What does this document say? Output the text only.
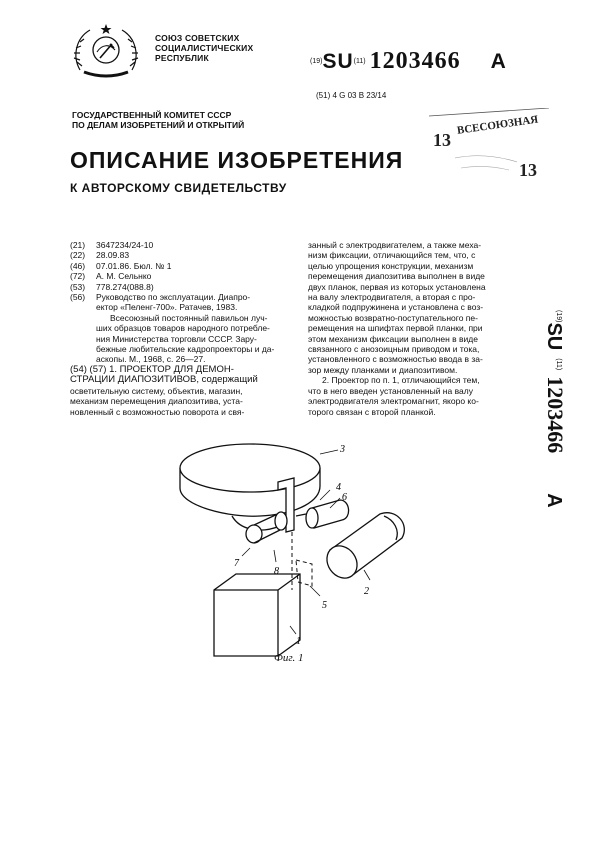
СОЮЗ СОВЕТСКИХ
СОЦИАЛИСТИЧЕСКИХ
РЕСПУБЛИК	$^{(19)}$SU$^{(11)}$ 1203466 A
(51) 4 G 03 B 23/14
ВСЕСОЮЗНАЯ
13
13
ГОСУДАРСТВЕННЫЙ КОМИТЕТ СССР
ПО ДЕЛАМ ИЗОБРЕТЕНИЙ И ОТКРЫТИЙ
ОПИСАНИЕ ИЗОБРЕТЕНИЯ
К АВТОРСКОМУ СВИДЕТЕЛЬСТВУ
(21) 3647234/24-10
(22) 28.09.83
(46) 07.01.86. Бюл. № 1
(72) А. М. Сельнко
(53) 778.274(088.8)
(56) Руководство по эксплуатации. Диапро-
ектор «Пеленг-700». Ратачев, 1983.
Всесоюзный постоянный павильон луч-
ших образцов товаров народного потребле-
ния Министерства торговли СССР. Зару-
бежные любительские кадропроекторы и да-
аскопы. М., 1968, с. 26—27.
(54) (57) 1. ПРОЕКТОР ДЛЯ ДЕМОН-
СТРАЦИИ ДИАПОЗИТИВОВ, содержащий
осветительную систему, объектив, магазин,
механизм перемещения диапозитива, уста-
новленный с возможностью поворота и свя-

занный с электродвигателем, а также меха-

низм фиксации, отличающийся тем, что, с

целью упрощения конструкции, механизм

перемещения диапозитива выполнен в виде

двух планок, первая из которых установлена

на валу электродвигателя, а вторая с про-

кладкой подпружинена и установлена с воз-

можностью возвратно-поступательного пе-

ремещения на шпифтах первой планки, при

этом механизм фиксации выполнен в виде

связанного с анозоицным приводом и тока,

установленного с возможностью ввода в за-

зор между планками и диапозитивом.

2. Проектор по п. 1, отличающийся тем,

что в него введен установленный на валу

электродвигателя электромагнит, якоро ко-

торого связан с второй планкой.

$^{(19)}$SU$^{(11)}$1203466A
3
4
6
2
5
1
8
7
Фиг. 1
